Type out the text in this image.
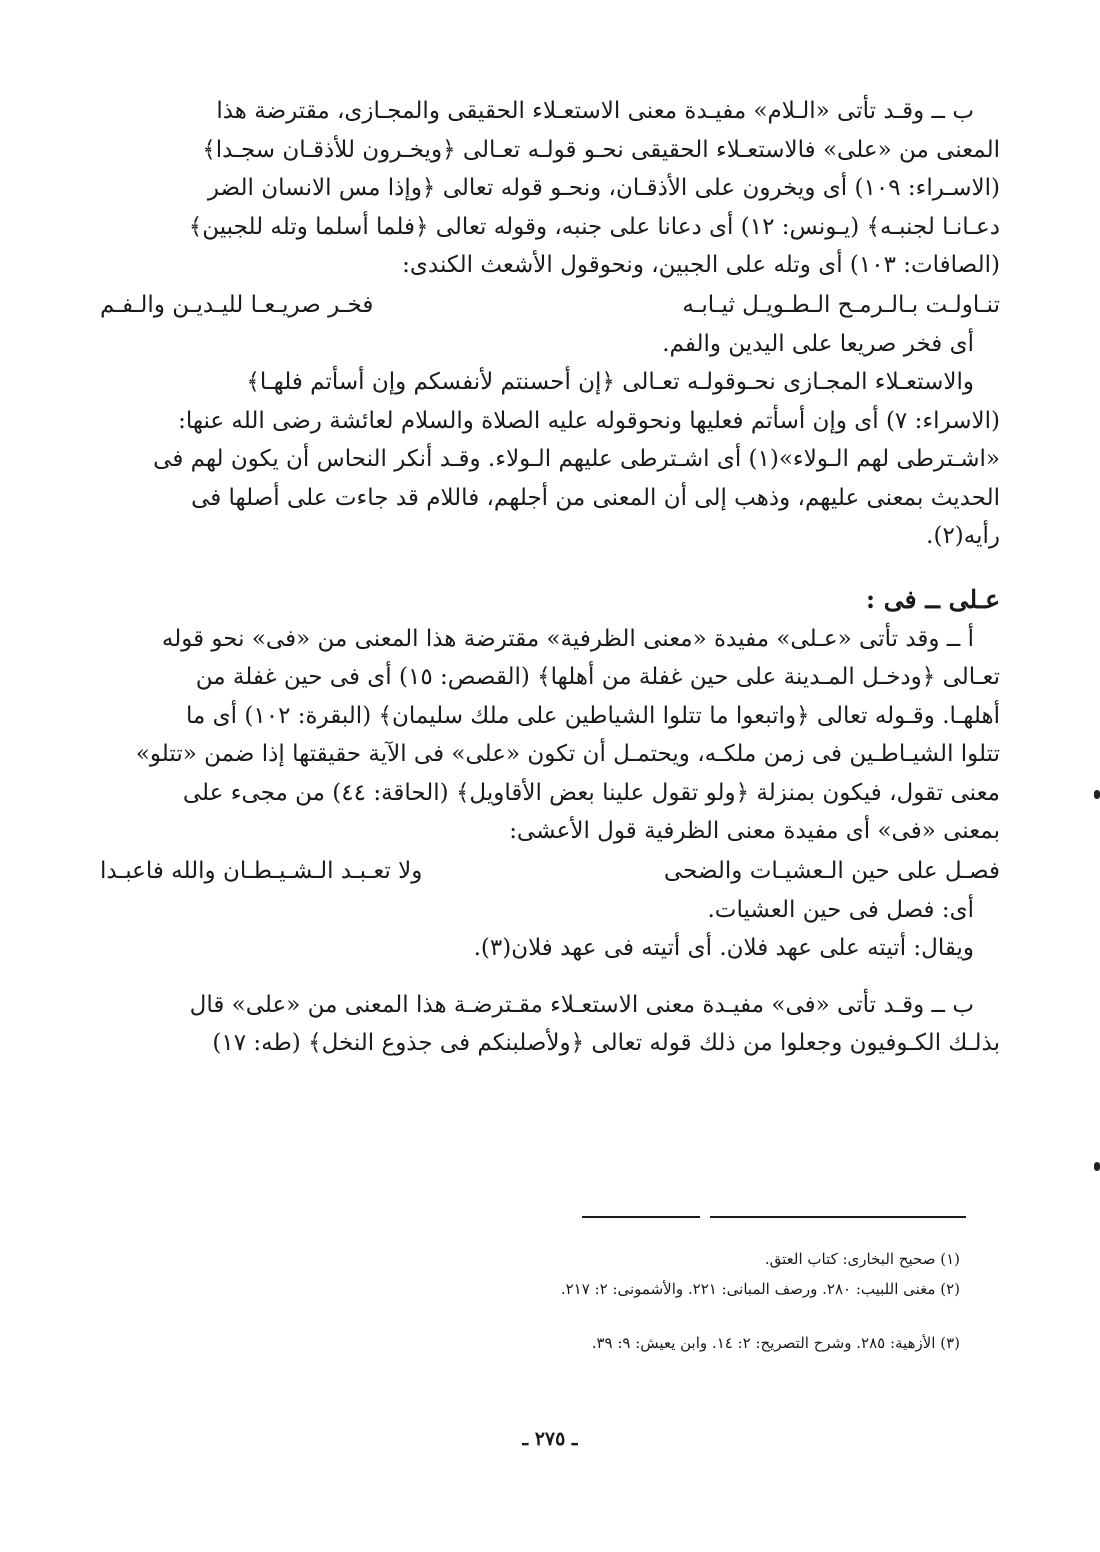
ب ــ وقـد تأتى «الـلام» مفيـدة معنى الاستعـلاء الحقيقى والمجـازى، مقترضة هذا

المعنى من «على» فالاستعـلاء الحقيقى نحـو قولـه تعـالى ﴿ويخـرون للأذقـان سجـدا﴾

(الاسـراء: ١٠٩) أى ويخرون على الأذقـان، ونحـو قوله تعالى ﴿وإذا مس الانسان الضر

دعـانـا لجنبـه﴾ (يـونس: ١٢) أى دعانا على جنبه، وقوله تعالى ﴿فلما أسلما وتله للجبين﴾

(الصافات: ١٠٣) أى وتله على الجبين، ونحوقول الأشعث الكندى:

تنـاولـت بـالـرمـح الـطـويـل ثيـابـه
فخـر صريـعـا لليـديـن والـفـم

أى فخر صريعا على اليدين والفم.

والاستعـلاء المجـازى نحـوقولـه تعـالى ﴿إن أحسنتم لأنفسكم وإن أسأتم فلهـا﴾

(الاسراء: ٧) أى وإن أسأتم فعليها ونحوقوله عليه الصلاة والسلام لعائشة رضى الله عنها:

«اشـترطى لهم الـولاء»(١) أى اشـترطى عليهم الـولاء. وقـد أنكر النحاس أن يكون لهم فى

الحديث بمعنى عليهم، وذهب إلى أن المعنى من أجلهم، فاللام قد جاءت على أصلها فى

رأيه(٢).

عـلى ــ فى :

أ ــ وقد تأتى «عـلى» مفيدة «معنى الظرفية» مقترضة هذا المعنى من «فى» نحو قوله

تعـالى ﴿ودخـل المـدينة على حين غفلة من أهلها﴾ (القصص: ١٥) أى فى حين غفلة من

أهلهـا. وقـوله تعالى ﴿واتبعوا ما تتلوا الشياطين على ملك سليمان﴾ (البقرة: ١٠٢) أى ما

تتلوا الشيـاطـين فى زمن ملكـه، ويحتمـل أن تكون «على» فى الآية حقيقتها إذا ضمن «تتلو»

معنى تقول، فيكون بمنزلة ﴿ولو تقول علينا بعض الأقاويل﴾ (الحاقة: ٤٤) من مجىء على

بمعنى «فى» أى مفيدة معنى الظرفية قول الأعشى:

فصـل على حين الـعشيـات والضحى
ولا تعـبـد الـشـيـطـان والله فاعبـدا

أى: فصل فى حين العشيات.

ويقال: أتيته على عهد فلان. أى أتيته فى عهد فلان(٣).

ب ــ وقـد تأتى «فى» مفيـدة معنى الاستعـلاء مقـترضـة هذا المعنى من «على» قال

بذلـك الكـوفيون وجعلوا من ذلك قوله تعالى ﴿ولأصلبنكم فى جذوع النخل﴾ (طه: ١٧)

(١) صحيح البخارى: كتاب العتق.

(٢) مغنى اللبيب: ٢٨٠. ورصف المبانى: ٢٢١. والأشمونى: ٢: ٢١٧.

(٣) الأزهية: ٢٨٥. وشرح التصريح: ٢: ١٤. وابن يعيش: ٩: ٣٩.

ـ ٢٧٥ ـ
